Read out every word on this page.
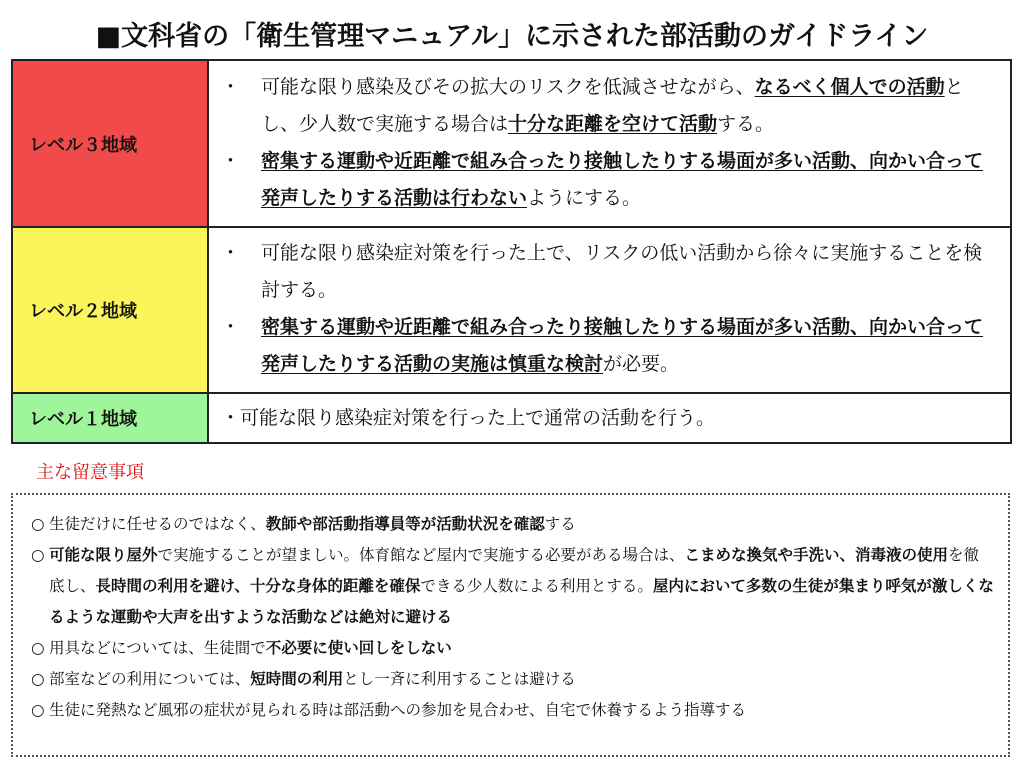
■文科省の「衛生管理マニュアル」に示された部活動のガイドライン
レベル３地域	・ 可能な限り感染及びその拡大のリスクを低減させながら、なるべく個人での活動とし、少人数で実施する場合は十分な距離を空けて活動する。
・ 密集する運動や近距離で組み合ったり接触したりする場面が多い活動、向かい合って発声したりする活動は行わないようにする。

レベル２地域	・ 可能な限り感染症対策を行った上で、リスクの低い活動から徐々に実施することを検討する。
・ 密集する運動や近距離で組み合ったり接触したりする場面が多い活動、向かい合って発声したりする活動の実施は慎重な検討が必要。

レベル１地域	・可能な限り感染症対策を行った上で通常の活動を行う。
主な留意事項
○ 生徒だけに任せるのではなく、教師や部活動指導員等が活動状況を確認する
○ 可能な限り屋外で実施することが望ましい。体育館など屋内で実施する必要がある場合は、こまめな換気や手洗い、消毒液の使用を徹底し、長時間の利用を避け、十分な身体的距離を確保できる少人数による利用とする。屋内において多数の生徒が集まり呼気が激しくなるような運動や大声を出すような活動などは絶対に避ける
○ 用具などについては、生徒間で不必要に使い回しをしない
○ 部室などの利用については、短時間の利用とし一斉に利用することは避ける
○ 生徒に発熱など風邪の症状が見られる時は部活動への参加を見合わせ、自宅で休養するよう指導する
